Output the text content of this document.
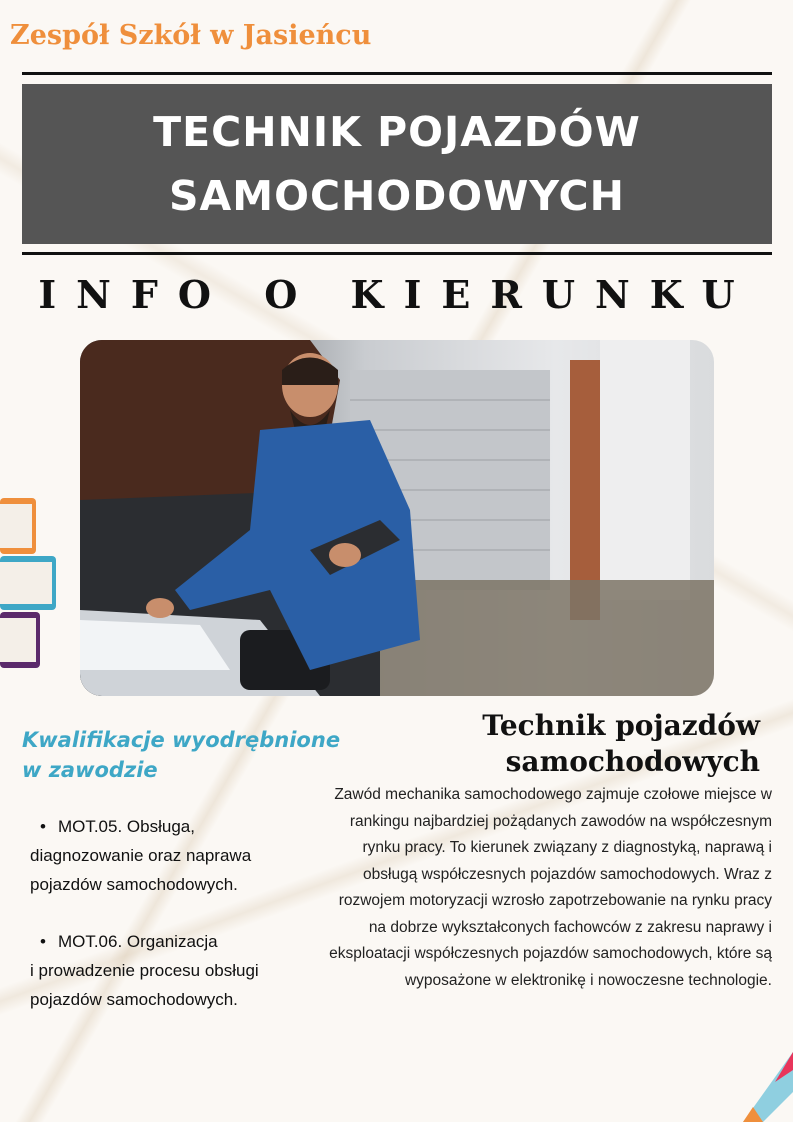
Zespół Szkół w Jasieńcu
TECHNIK POJAZDÓW
SAMOCHODOWYCH
INFO O KIERUNKU
Kwalifikacje wyodrębnione w zawodzie
• MOT.05. Obsługa,
diagnozowanie oraz naprawa
pojazdów samochodowych.
• MOT.06. Organizacja
i prowadzenie procesu obsługi
pojazdów samochodowych.
Technik pojazdów
samochodowych
Zawód mechanika samochodowego zajmuje czołowe miejsce w rankingu najbardziej pożądanych zawodów na współczesnym rynku pracy. To kierunek związany z diagnostyką, naprawą i obsługą współczesnych pojazdów samochodowych. Wraz z rozwojem motoryzacji wzrosło zapotrzebowanie na rynku pracy na dobrze wykształconych fachowców z zakresu naprawy i eksploatacji współczesnych pojazdów samochodowych, które są wyposażone w elektronikę i nowoczesne technologie.
